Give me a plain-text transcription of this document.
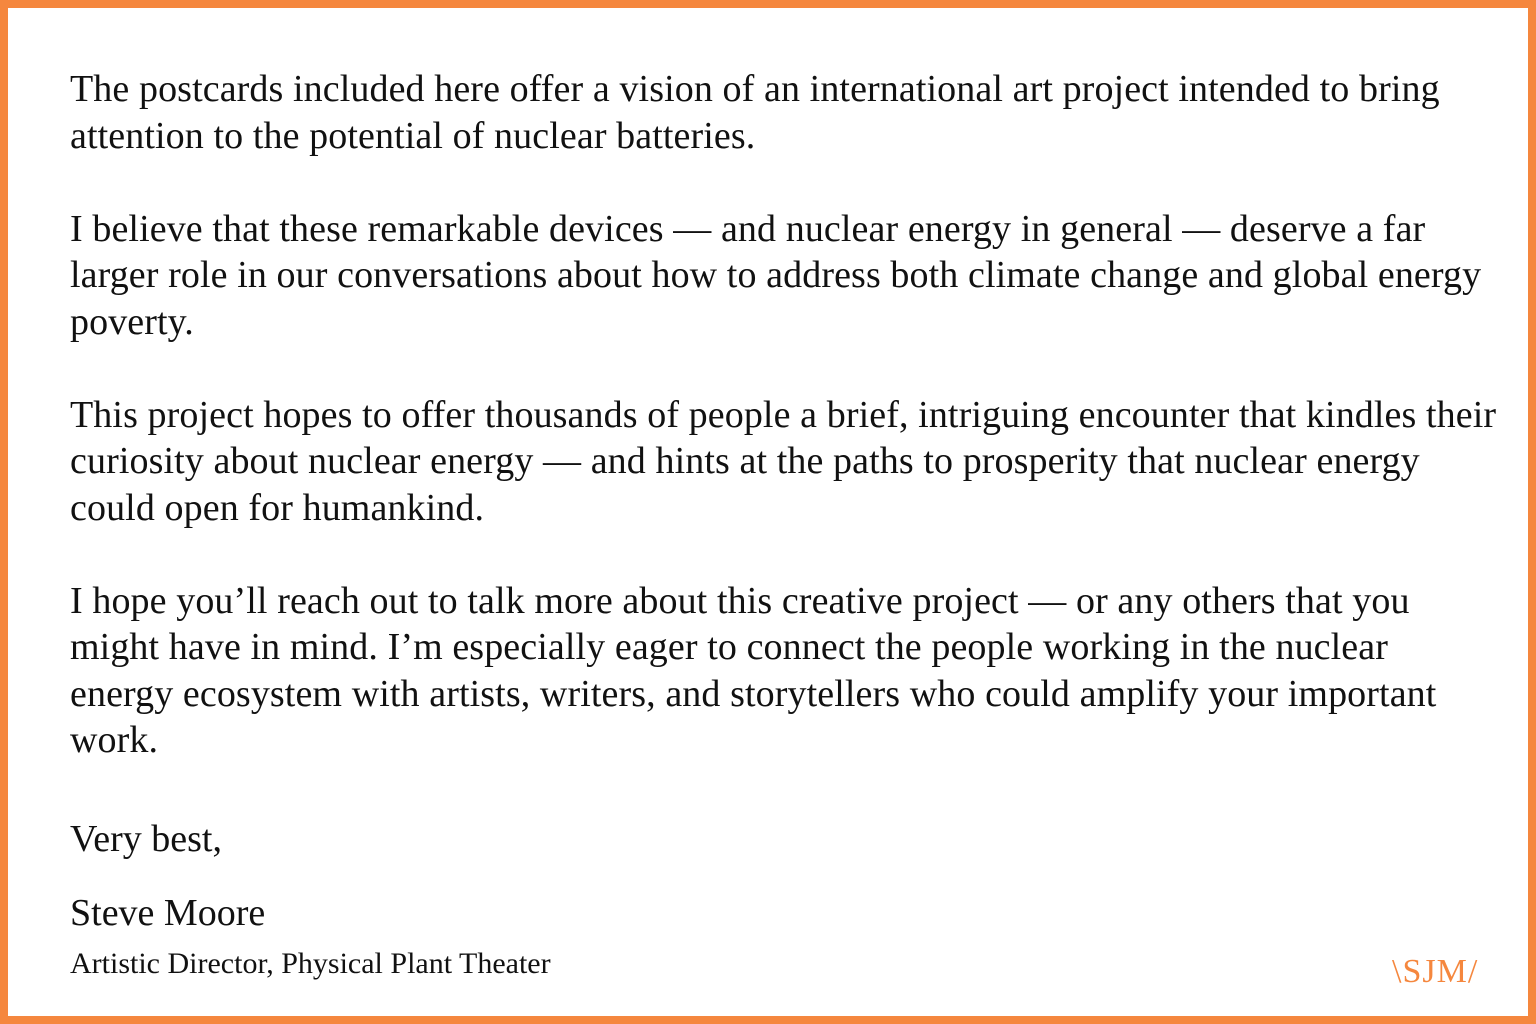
The postcards included here offer a vision of an international art project intended to bring attention to the potential of nuclear batteries.

I believe that these remarkable devices — and nuclear energy in general — deserve a far larger role in our conversations about how to address both climate change and global energy poverty.

This project hopes to offer thousands of people a brief, intriguing encounter that kindles their curiosity about nuclear energy — and hints at the paths to prosperity that nuclear energy could open for humankind.

I hope you’ll reach out to talk more about this creative project — or any others that you might have in mind. I’m especially eager to connect the people working in the nuclear energy ecosystem with artists, writers, and storytellers who could amplify your important work.

Very best,
Steve Moore
Artistic Director, Physical Plant Theater	\SJM/
